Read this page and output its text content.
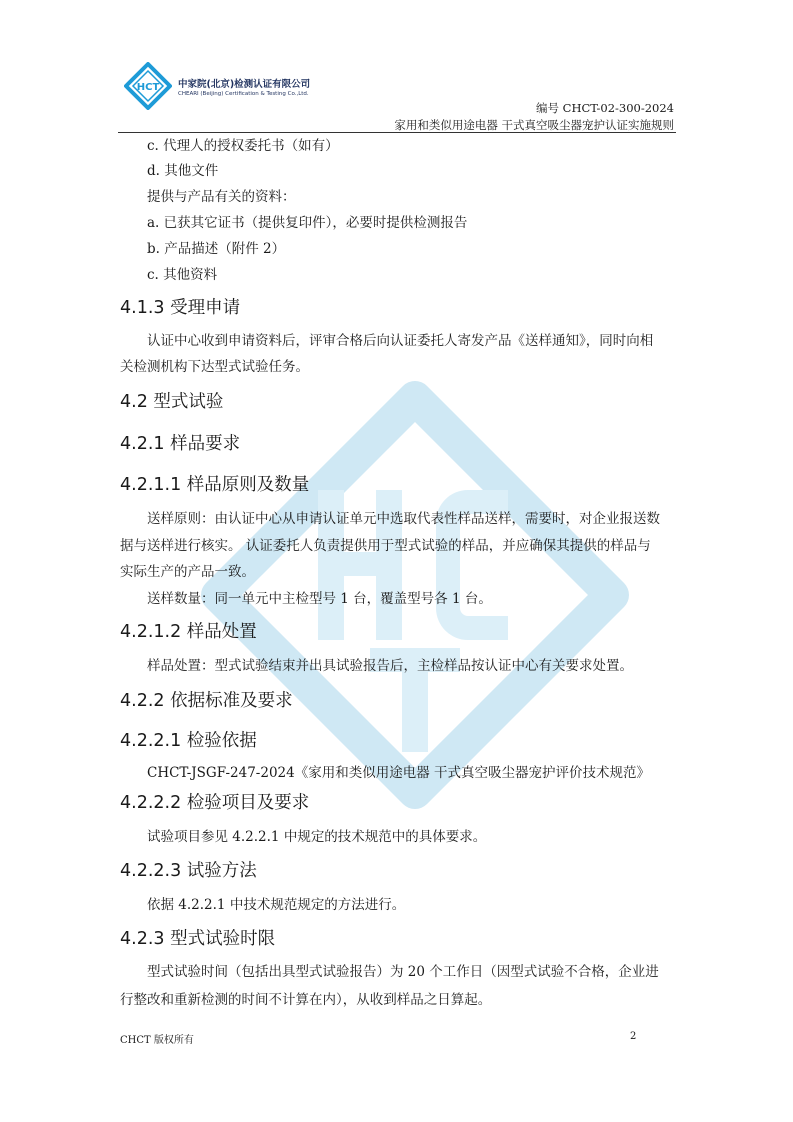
HCT
HCT 中家院(北京)检测认证有限公司
CHEARI (Beijing) Certification & Testing Co.,Ltd.
编号 CHCT-02-300-2024
家用和类似用途电器 干式真空吸尘器宠护认证实施规则

c. 代理人的授权委托书（如有）

d. 其他文件

提供与产品有关的资料：

a. 已获其它证书（提供复印件），必要时提供检测报告

b. 产品描述（附件 2）

c. 其他资料

4.1.3 受理申请

认证中心收到申请资料后，评审合格后向认证委托人寄发产品《送样通知》，同时向相

关检测机构下达型式试验任务。

4.2 型式试验

4.2.1 样品要求

4.2.1.1 样品原则及数量

送样原则：由认证中心从申请认证单元中选取代表性样品送样，需要时，对企业报送数

据与送样进行核实。 认证委托人负责提供用于型式试验的样品，并应确保其提供的样品与

实际生产的产品一致。

送样数量：同一单元中主检型号 1 台，覆盖型号各 1 台。

4.2.1.2 样品处置

样品处置：型式试验结束并出具试验报告后，主检样品按认证中心有关要求处置。

4.2.2 依据标准及要求

4.2.2.1 检验依据

CHCT-JSGF-247-2024《家用和类似用途电器 干式真空吸尘器宠护评价技术规范》

4.2.2.2 检验项目及要求

试验项目参见 4.2.2.1 中规定的技术规范中的具体要求。

4.2.2.3 试验方法

依据 4.2.2.1 中技术规范规定的方法进行。

4.2.3 型式试验时限

型式试验时间（包括出具型式试验报告）为 20 个工作日（因型式试验不合格，企业进

行整改和重新检测的时间不计算在内），从收到样品之日算起。

CHCT 版权所有	2
